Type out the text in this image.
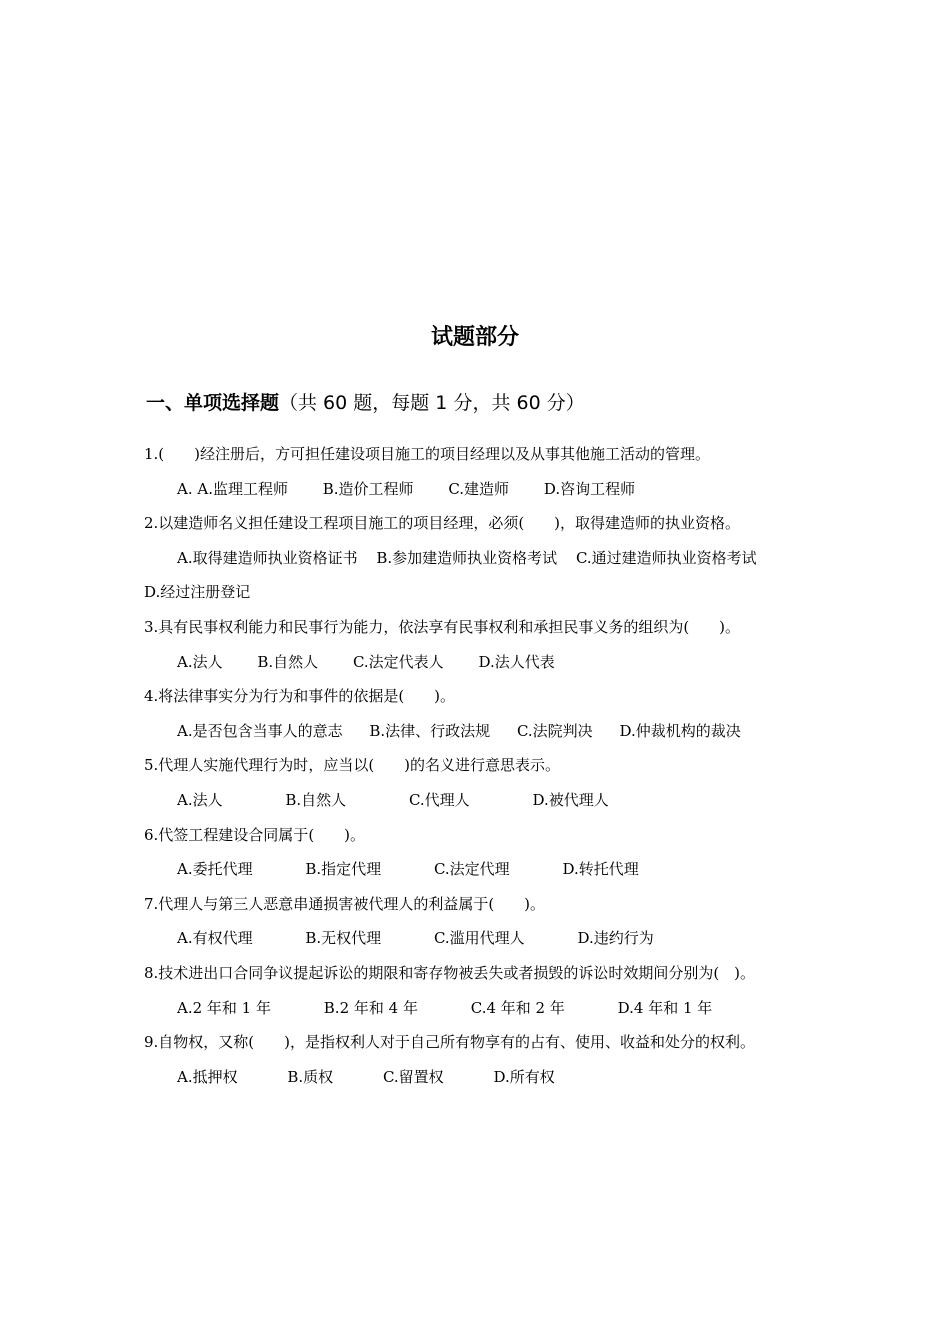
试题部分
一、单项选择题（共 60 题，每题 1 分，共 60 分）
1.(　　)经注册后，方可担任建设项目施工的项目经理以及从事其他施工活动的管理。
A. A.监理工程师 B.造价工程师 C.建造师 D.咨询工程师
2.以建造师名义担任建设工程项目施工的项目经理，必须(　　)，取得建造师的执业资格。
A.取得建造师执业资格证书 B.参加建造师执业资格考试 C.通过建造师执业资格考试
D.经过注册登记
3.具有民事权利能力和民事行为能力，依法享有民事权利和承担民事义务的组织为(　　)。
A.法人 B.自然人 C.法定代表人 D.法人代表
4.将法律事实分为行为和事件的依据是(　　)。
A.是否包含当事人的意志 B.法律、行政法规 C.法院判决 D.仲裁机构的裁决
5.代理人实施代理行为时，应当以(　　)的名义进行意思表示。
A.法人	B.自然人	C.代理人	D.被代理人
6.代签工程建设合同属于(　　)。
A.委托代理	B.指定代理	C.法定代理	D.转托代理
7.代理人与第三人恶意串通损害被代理人的利益属于(　　)。
A.有权代理	B.无权代理	C.滥用代理人	D.违约行为
8.技术进出口合同争议提起诉讼的期限和寄存物被丢失或者损毁的诉讼时效期间分别为(　)。
A.2 年和 1 年	B.2 年和 4 年	C.4 年和 2 年	D.4 年和 1 年
9.自物权，又称(　　)，是指权利人对于自己所有物享有的占有、使用、收益和处分的权利。
A.抵押权	B.质权	C.留置权	D.所有权
